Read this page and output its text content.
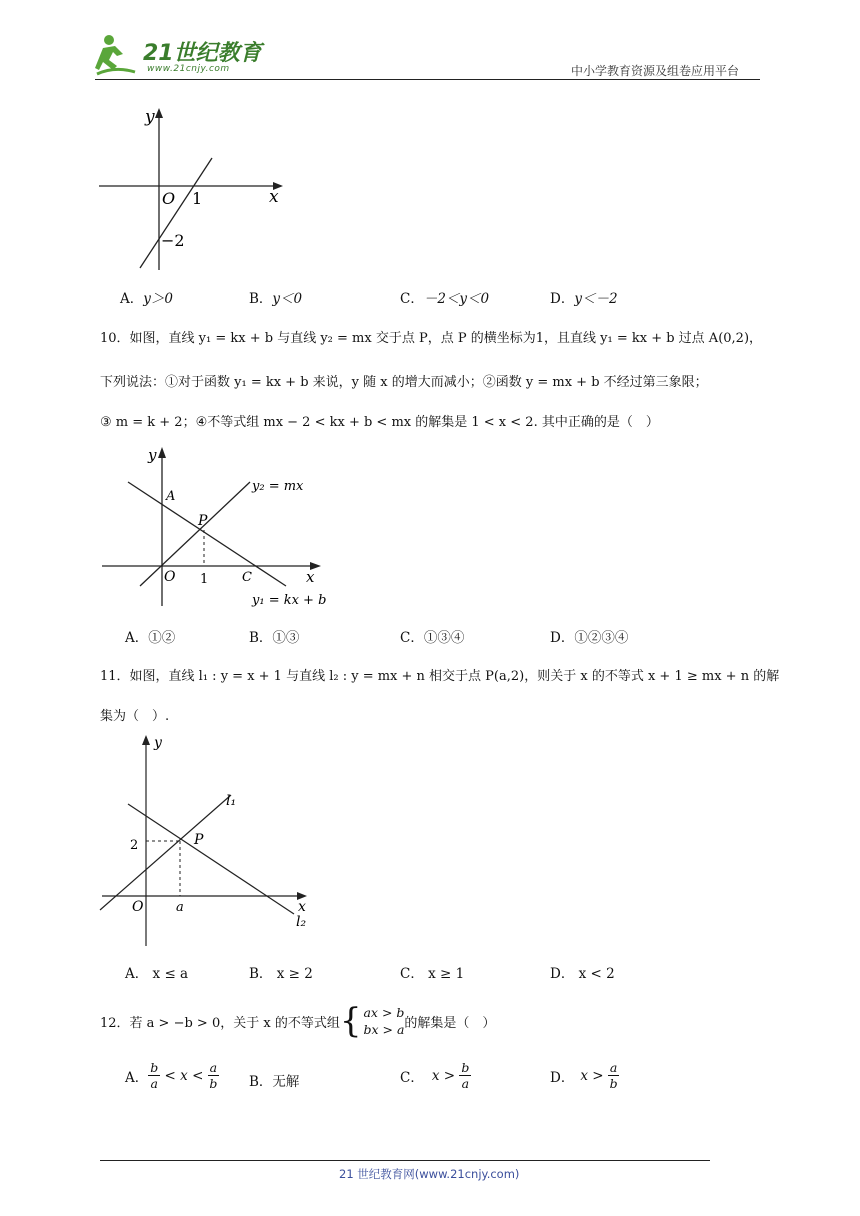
21世纪教育
www.21cnjy.com	中小学教育资源及组卷应用平台
y
x
O 1
−2
A．y＞0	B．y＜0	C．－2＜y＜0	D．y＜－2
10．如图，直线 y₁ = kx + b 与直线 y₂ = mx 交于点 P，点 P 的横坐标为1，且直线 y₁ = kx + b 过点 A(0,2)，
下列说法：①对于函数 y₁ = kx + b 来说，y 随 x 的增大而减小；②函数 y = mx + b 不经过第三象限；
③ m = k + 2；④不等式组 mx − 2 < kx + b < mx 的解集是 1 < x < 2. 其中正确的是（　）
y
x
O
A
P
C
1
y₂ = mx
y₁ = kx + b
A．①②	B．①③	C．①③④	D．①②③④
11．如图，直线 l₁ : y = x + 1 与直线 l₂ : y = mx + n 相交于点 P(a,2)，则关于 x 的不等式 x + 1 ≥ mx + n 的解
集为（　）.
y
x
O
P
2
a
l₁
l₂
A． x ≤ a	B． x ≥ 2	C． x ≥ 1	D． x < 2
12．若 a > −b > 0，关于 x 的不等式组 { ax > b
bx > a 的解集是（　）
A． $\frac{b}{a} < x < \frac{a}{b}$ B．无解	C． $x > \frac{b}{a}$	D． $x > \frac{a}{b}$
21 世纪教育网(www.21cnjy.com)
